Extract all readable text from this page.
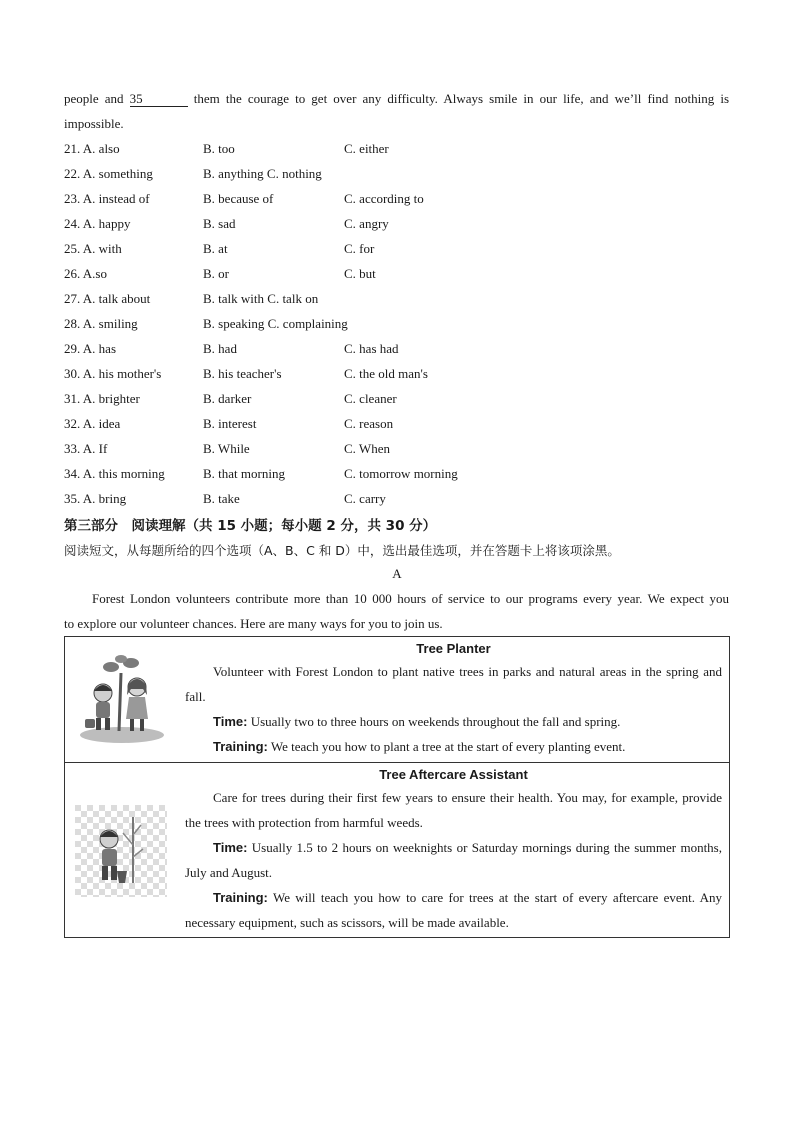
people and 35	them the courage to get over any difficulty. Always smile in our life, and we’ll find nothing is
impossible.
21. A. also	B. too	C. either
22. A. something	B. anything C. nothing
23. A. instead of	B. because of	C. according to
24. A. happy	B. sad	C. angry
25. A. with	B. at	C. for
26. A.so	B. or	C. but
27. A. talk about	B. talk with C. talk on
28. A. smiling	B. speaking C. complaining
29. A. has	B. had	C. has had
30. A. his mother's	B. his teacher's	C. the old man's
31. A. brighter	B. darker	C. cleaner
32. A. idea	B. interest	C. reason
33. A. If	B. While	C. When
34. A. this morning	B. that morning	C. tomorrow morning
35. A. bring	B. take	C. carry
第三部分　阅读理解（共 15 小题；每小题 2 分，共 30 分）
阅读短文，从每题所给的四个选项（A、B、C 和 D）中，选出最佳选项，并在答题卡上将该项涂黑。
A
Forest London volunteers contribute more than 10 000 hours of service to our programs every year. We expect you
to explore our volunteer chances. Here are many ways for you to join us.
Tree Planter

Volunteer with Forest London to plant native trees in parks and natural areas in the spring and fall.

Time: Usually two to three hours on weekends throughout the fall and spring.

Training: We teach you how to plant a tree at the start of every planting event.

Tree Aftercare Assistant

Care for trees during their first few years to ensure their health. You may, for example, provide the trees with protection from harmful weeds.

Time: Usually 1.5 to 2 hours on weeknights or Saturday mornings during the summer months, July and August.

Training: We will teach you how to care for trees at the start of every aftercare event. Any necessary equipment, such as scissors, will be made available.
